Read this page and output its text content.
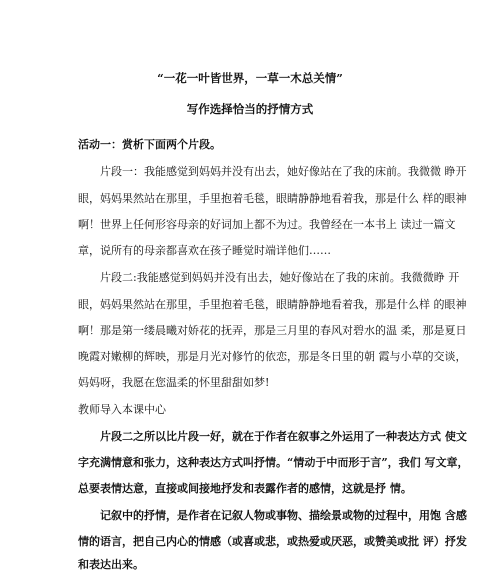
“一花一叶皆世界，一草一木总关情”
写作选择恰当的抒情方式
活动一：赏析下面两个片段。
片段一：我能感觉到妈妈并没有出去，她好像站在了我的床前。我微微 睁开
眼，妈妈果然站在那里，手里抱着毛毯，眼睛静静地看着我，那是什么 样的眼神
啊！世界上任何形容母亲的好词加上都不为过。我曾经在一本书上 读过一篇文
章，说所有的母亲都喜欢在孩子睡觉时端详他们……
片段二:我能感觉到妈妈并没有出去，她好像站在了我的床前。我微微睁 开
眼，妈妈果然站在那里，手里抱着毛毯，眼睛静静地看着我，那是什么样 的眼神
啊！那是第一缕晨曦对娇花的抚弄，那是三月里的春风对碧水的温 柔，那是夏日
晚霞对嫩柳的辉映，那是月光对修竹的依恋，那是冬日里的朝 霞与小草的交谈，
妈妈呀，我愿在您温柔的怀里甜甜如梦!
教师导入本课中心
片段二之所以比片段一好，就在于作者在叙事之外运用了一种表达方式 使文
字充满情意和张力，这种表达方式叫抒情。“情动于中而形于言”，我们 写文章，
总要表情达意，直接或间接地抒发和表露作者的感情，这就是抒 情。
记叙中的抒情，是作者在记叙人物或事物、描绘景或物的过程中，用饱 含感
情的语言，把自己内心的情感（或喜或悲，或热爱或厌恶，或赞美或批 评）抒发
和表达出来。
